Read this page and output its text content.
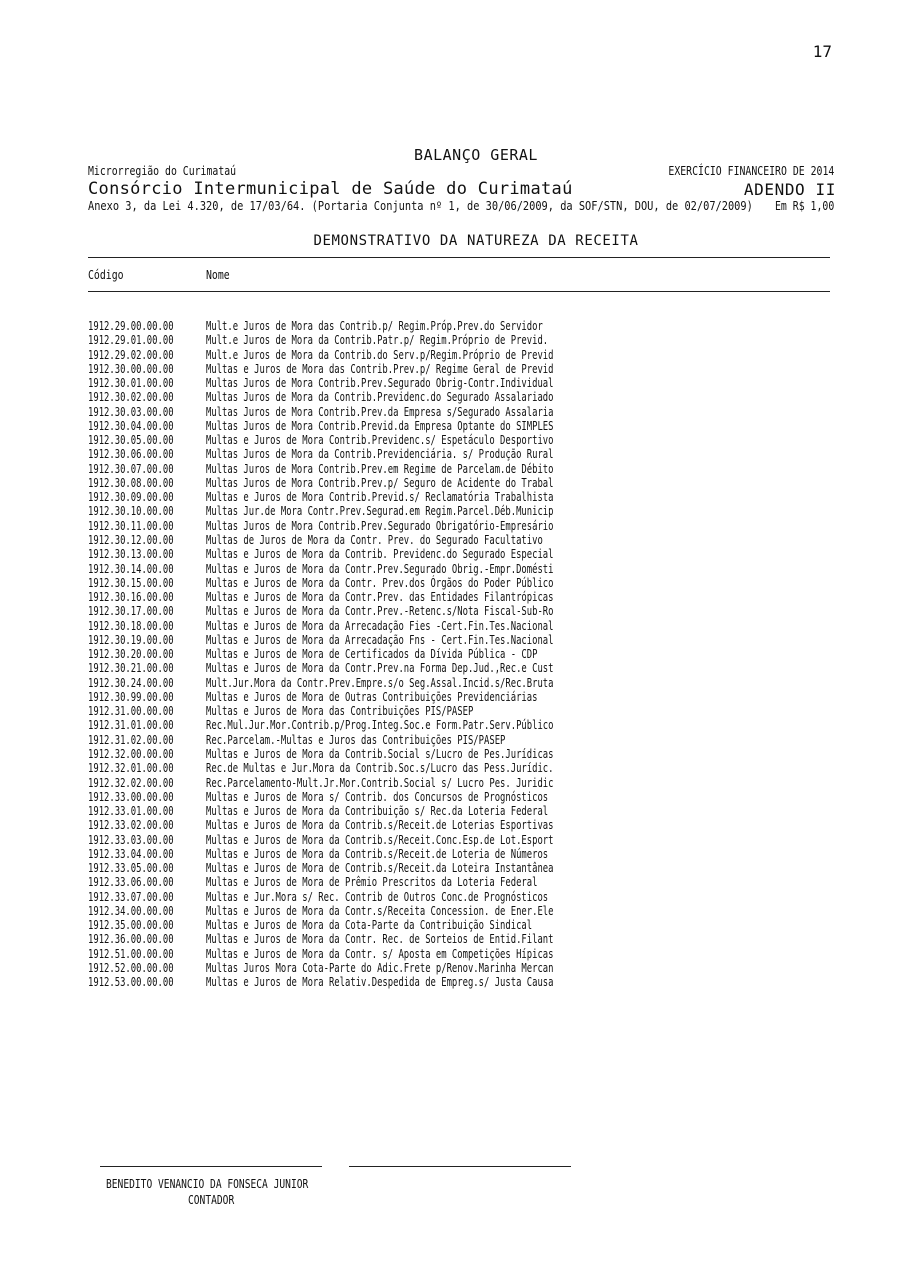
17
BALANÇO GERAL
Microrregião do Curimataú	EXERCÍCIO FINANCEIRO DE 2014
Consórcio Intermunicipal de Saúde do Curimataú	ADENDO II
Anexo 3, da Lei 4.320, de 17/03/64. (Portaria Conjunta nº 1, de 30/06/2009, da SOF/STN, DOU, de 02/07/2009) Em R$ 1,00
DEMONSTRATIVO DA NATUREZA DA RECEITA
Código	Nome
1912.29.00.00.00	Mult.e Juros de Mora das Contrib.p/ Regim.Próp.Prev.do Servidor
1912.29.01.00.00	Mult.e Juros de Mora da Contrib.Patr.p/ Regim.Próprio de Previd.
1912.29.02.00.00	Mult.e Juros de Mora da Contrib.do Serv.p/Regim.Próprio de Previd
1912.30.00.00.00	Multas e Juros de Mora das Contrib.Prev.p/ Regime Geral de Previd
1912.30.01.00.00	Multas Juros de Mora Contrib.Prev.Segurado Obrig-Contr.Individual
1912.30.02.00.00	Multas Juros de Mora da Contrib.Previdenc.do Segurado Assalariado
1912.30.03.00.00	Multas Juros de Mora Contrib.Prev.da Empresa s/Segurado Assalaria
1912.30.04.00.00	Multas Juros de Mora Contrib.Previd.da Empresa Optante do SIMPLES
1912.30.05.00.00	Multas e Juros de Mora Contrib.Previdenc.s/ Espetáculo Desportivo
1912.30.06.00.00	Multas Juros de Mora da Contrib.Previdenciária. s/ Produção Rural
1912.30.07.00.00	Multas Juros de Mora Contrib.Prev.em Regime de Parcelam.de Débito
1912.30.08.00.00	Multas Juros de Mora Contrib.Prev.p/ Seguro de Acidente do Trabal
1912.30.09.00.00	Multas e Juros de Mora Contrib.Previd.s/ Reclamatória Trabalhista
1912.30.10.00.00	Multas Jur.de Mora Contr.Prev.Segurad.em Regim.Parcel.Déb.Municip
1912.30.11.00.00	Multas Juros de Mora Contrib.Prev.Segurado Obrigatório-Empresário
1912.30.12.00.00	Multas de Juros de Mora da Contr. Prev. do Segurado Facultativo
1912.30.13.00.00	Multas e Juros de Mora da Contrib. Previdenc.do Segurado Especial
1912.30.14.00.00	Multas e Juros de Mora da Contr.Prev.Segurado Obrig.-Empr.Domésti
1912.30.15.00.00	Multas e Juros de Mora da Contr. Prev.dos Órgãos do Poder Público
1912.30.16.00.00	Multas e Juros de Mora da Contr.Prev. das Entidades Filantrópicas
1912.30.17.00.00	Multas e Juros de Mora da Contr.Prev.-Retenc.s/Nota Fiscal-Sub-Ro
1912.30.18.00.00	Multas e Juros de Mora da Arrecadação Fies -Cert.Fin.Tes.Nacional
1912.30.19.00.00	Multas e Juros de Mora da Arrecadação Fns - Cert.Fin.Tes.Nacional
1912.30.20.00.00	Multas e Juros de Mora de Certificados da Dívida Pública - CDP
1912.30.21.00.00	Multas e Juros de Mora da Contr.Prev.na Forma Dep.Jud.,Rec.e Cust
1912.30.24.00.00	Mult.Jur.Mora da Contr.Prev.Empre.s/o Seg.Assal.Incid.s/Rec.Bruta
1912.30.99.00.00	Multas e Juros de Mora de Outras Contribuições Previdenciárias
1912.31.00.00.00	Multas e Juros de Mora das Contribuições PIS/PASEP
1912.31.01.00.00	Rec.Mul.Jur.Mor.Contrib.p/Prog.Integ.Soc.e Form.Patr.Serv.Público
1912.31.02.00.00	Rec.Parcelam.-Multas e Juros das Contribuições PIS/PASEP
1912.32.00.00.00	Multas e Juros de Mora da Contrib.Social s/Lucro de Pes.Jurídicas
1912.32.01.00.00	Rec.de Multas e Jur.Mora da Contrib.Soc.s/Lucro das Pess.Jurídic.
1912.32.02.00.00	Rec.Parcelamento-Mult.Jr.Mor.Contrib.Social s/ Lucro Pes. Juridic
1912.33.00.00.00	Multas e Juros de Mora s/ Contrib. dos Concursos de Prognósticos
1912.33.01.00.00	Multas e Juros de Mora da Contribuição s/ Rec.da Loteria Federal
1912.33.02.00.00	Multas e Juros de Mora da Contrib.s/Receit.de Loterias Esportivas
1912.33.03.00.00	Multas e Juros de Mora da Contrib.s/Receit.Conc.Esp.de Lot.Esport
1912.33.04.00.00	Multas e Juros de Mora da Contrib.s/Receit.de Loteria de Números
1912.33.05.00.00	Multas e Juros de Mora de Contrib.s/Receit.da Loteira Instantânea
1912.33.06.00.00	Multas e Juros de Mora de Prêmio Prescritos da Loteria Federal
1912.33.07.00.00	Multas e Jur.Mora s/ Rec. Contrib de Outros Conc.de Prognósticos
1912.34.00.00.00	Multas e Juros de Mora da Contr.s/Receita Concession. de Ener.Ele
1912.35.00.00.00	Multas e Juros de Mora da Cota-Parte da Contribuição Sindical
1912.36.00.00.00	Multas e Juros de Mora da Contr. Rec. de Sorteios de Entid.Filant
1912.51.00.00.00	Multas e Juros de Mora da Contr. s/ Aposta em Competições Hípicas
1912.52.00.00.00	Multas Juros Mora Cota-Parte do Adic.Frete p/Renov.Marinha Mercan
1912.53.00.00.00	Multas e Juros de Mora Relativ.Despedida de Empreg.s/ Justa Causa
BENEDITO VENANCIO DA FONSECA JUNIOR
CONTADOR
